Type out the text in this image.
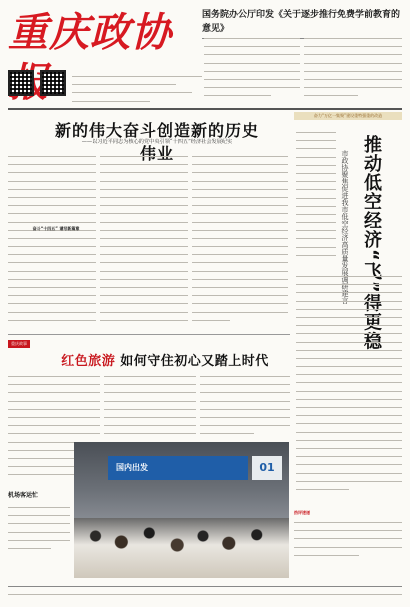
重庆政协	国务院办公厅印发《关于逐步推行免费学前教育的意见》
新的伟大奋斗创造新的历史伟业
——以习近平同志为核心的党中央引领“十四五”经济社会发展纪实
奋斗“十四五” 谱写新篇章
奋力“万亿一集聚”建设重特强重的改造
推动低空经济“飞”得更稳
市政协聚焦促进我市低空经济高质量发展调研建言
重庆故事
红色旅游 如何守住初心又踏上时代
国内出发	01
机场客运忙
热评速递
